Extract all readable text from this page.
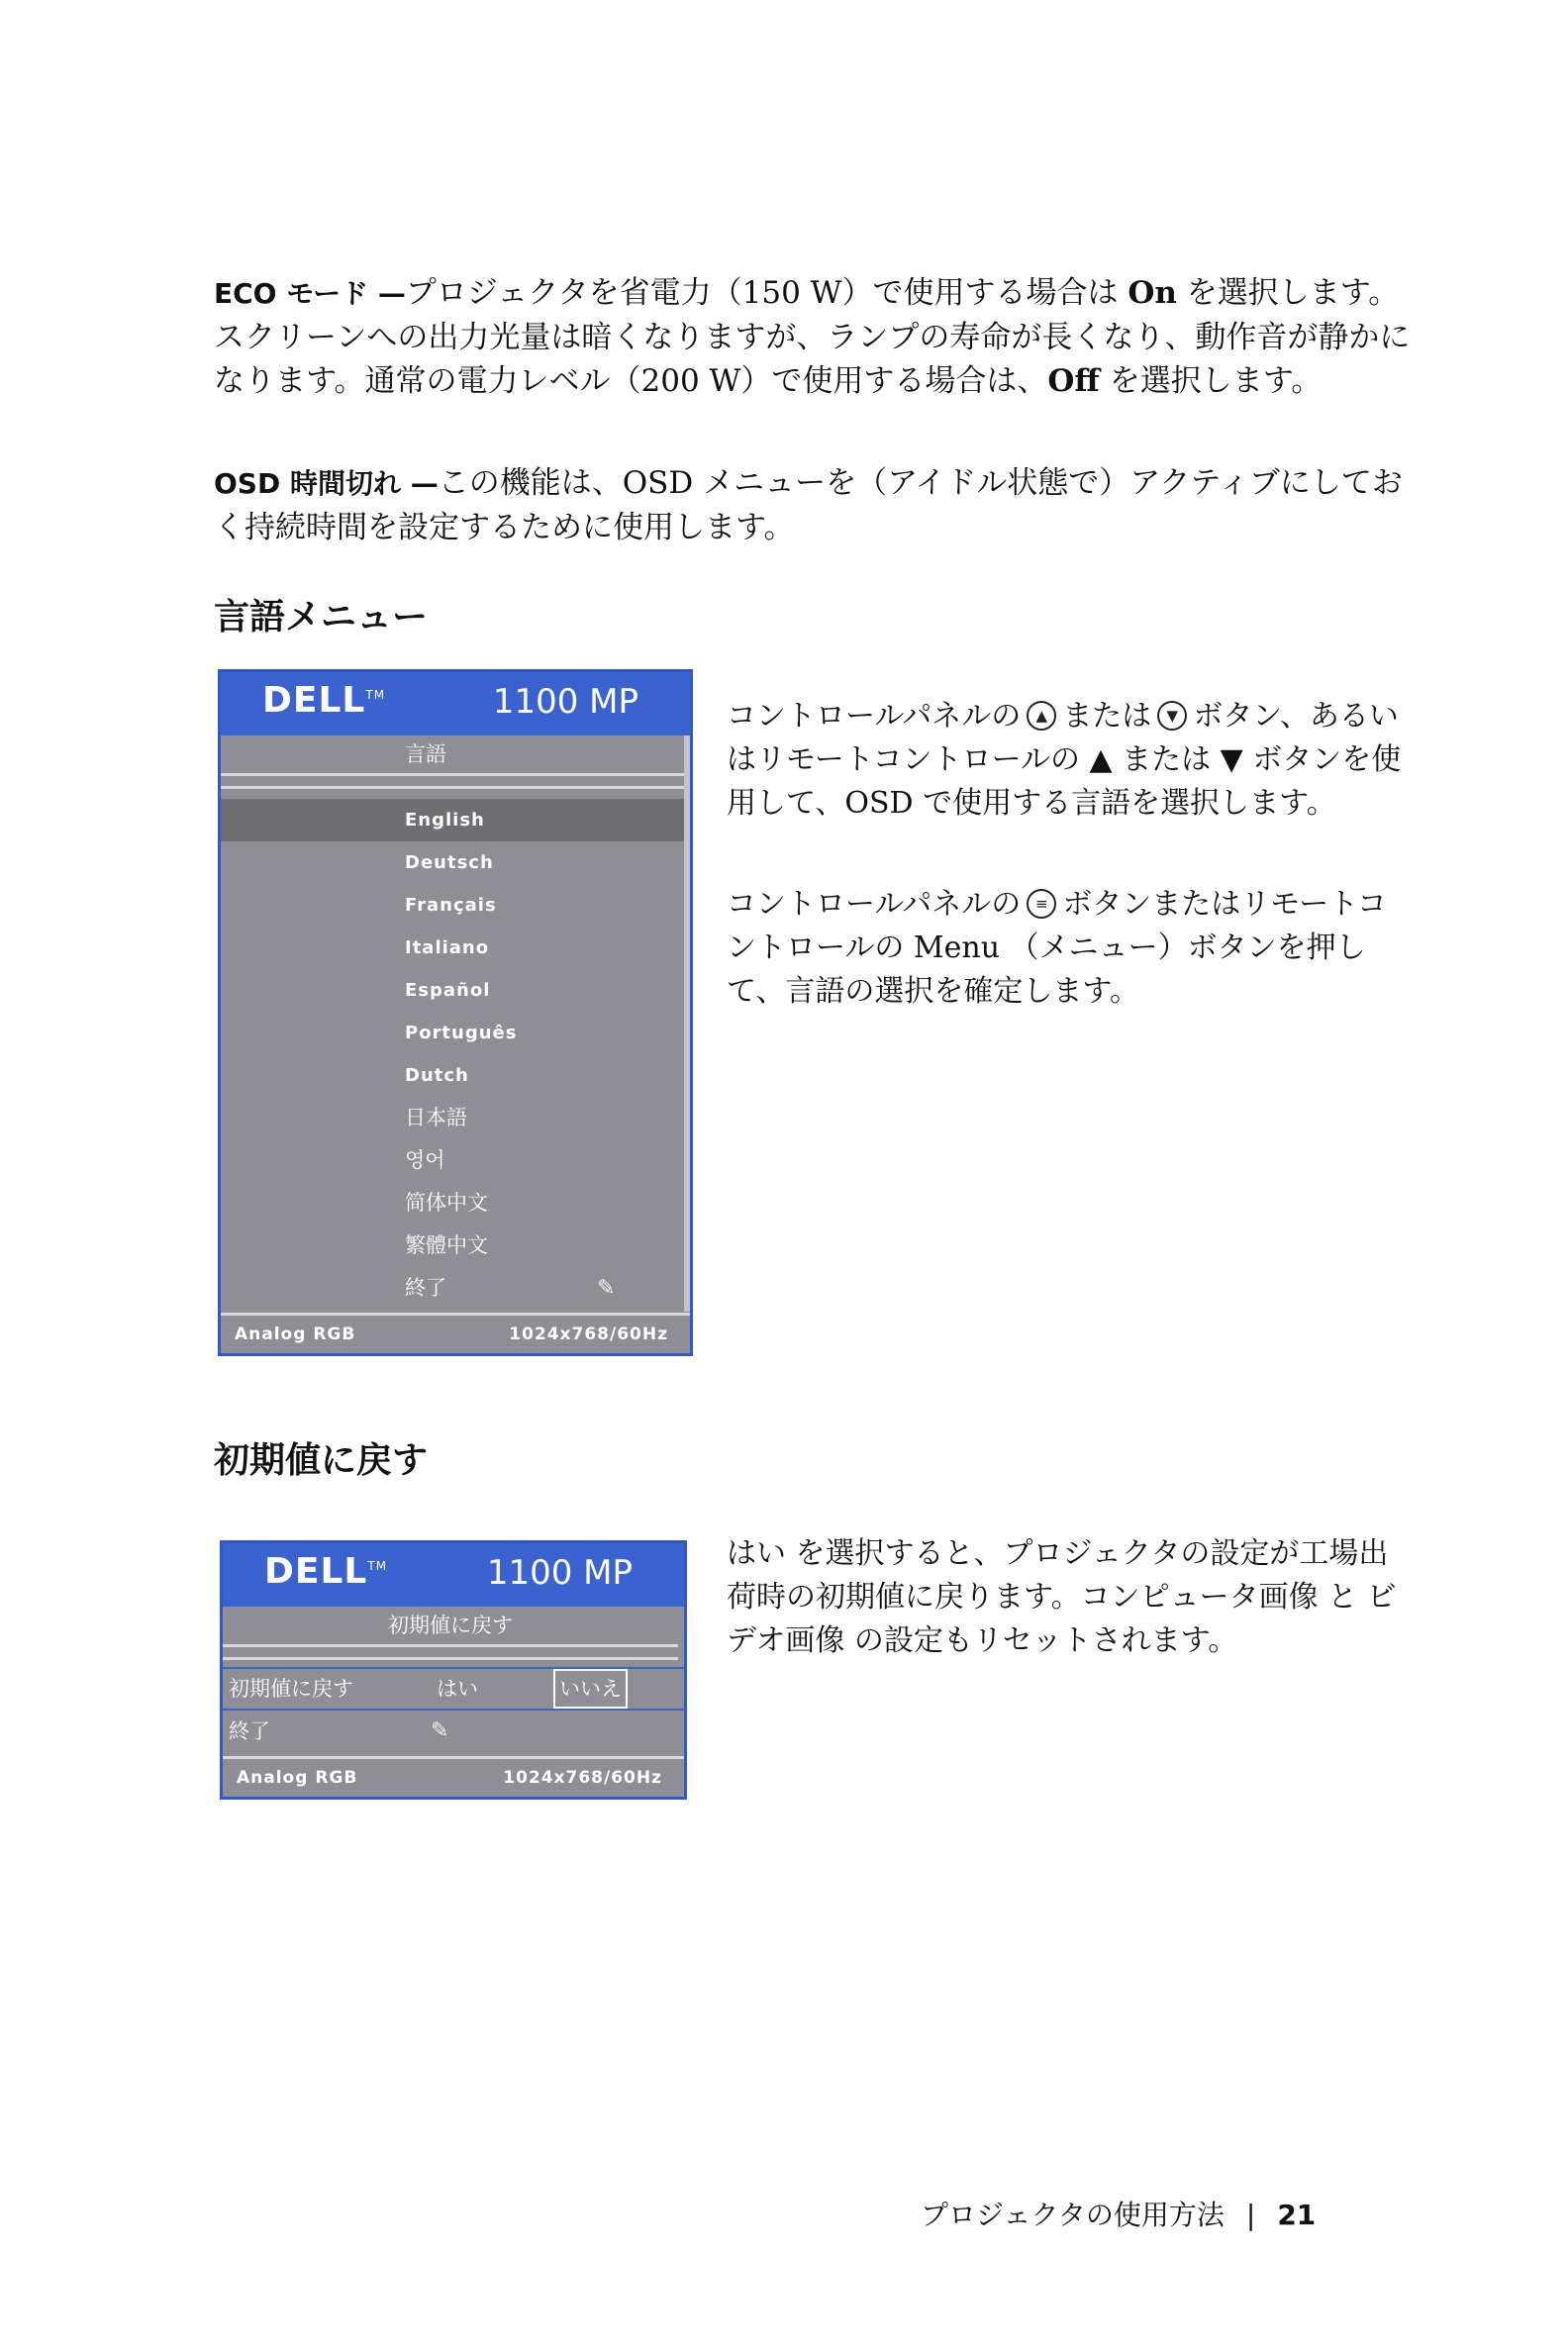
ECO モード —プロジェクタを省電力（150 W）で使用する場合は On を選択します。スクリーンへの出力光量は暗くなりますが、ランプの寿命が長くなり、動作音が静かになります。通常の電力レベル（200 W）で使用する場合は、Off を選択します。

OSD 時間切れ —この機能は、OSD メニューを（アイドル状態で）アクティブにしておく持続時間を設定するために使用します。

言語メニュー
DELL™	1100 MP
言語
English
Deutsch
Français
Italiano
Español
Português
Dutch
日本語
영어
简体中文
繁體中文
終了	✎
Analog RGB	1024x768/60Hz

コントロールパネルの ▲ または ▼ ボタン、あるいはリモートコントロールの ▲ または ▼ ボタンを使用して、OSD で使用する言語を選択します。

コントロールパネルの ≡ ボタンまたはリモートコントロールの Menu （メニュー）ボタンを押して、言語の選択を確定します。

初期値に戻す
DELL™	1100 MP
初期値に戻す
初期値に戻す	はい	いいえ
終了	✎
Analog RGB	1024x768/60Hz

はい を選択すると、プロジェクタの設定が工場出荷時の初期値に戻ります。コンピュータ画像 と ビデオ画像 の設定もリセットされます。

プロジェクタの使用方法 | 21
